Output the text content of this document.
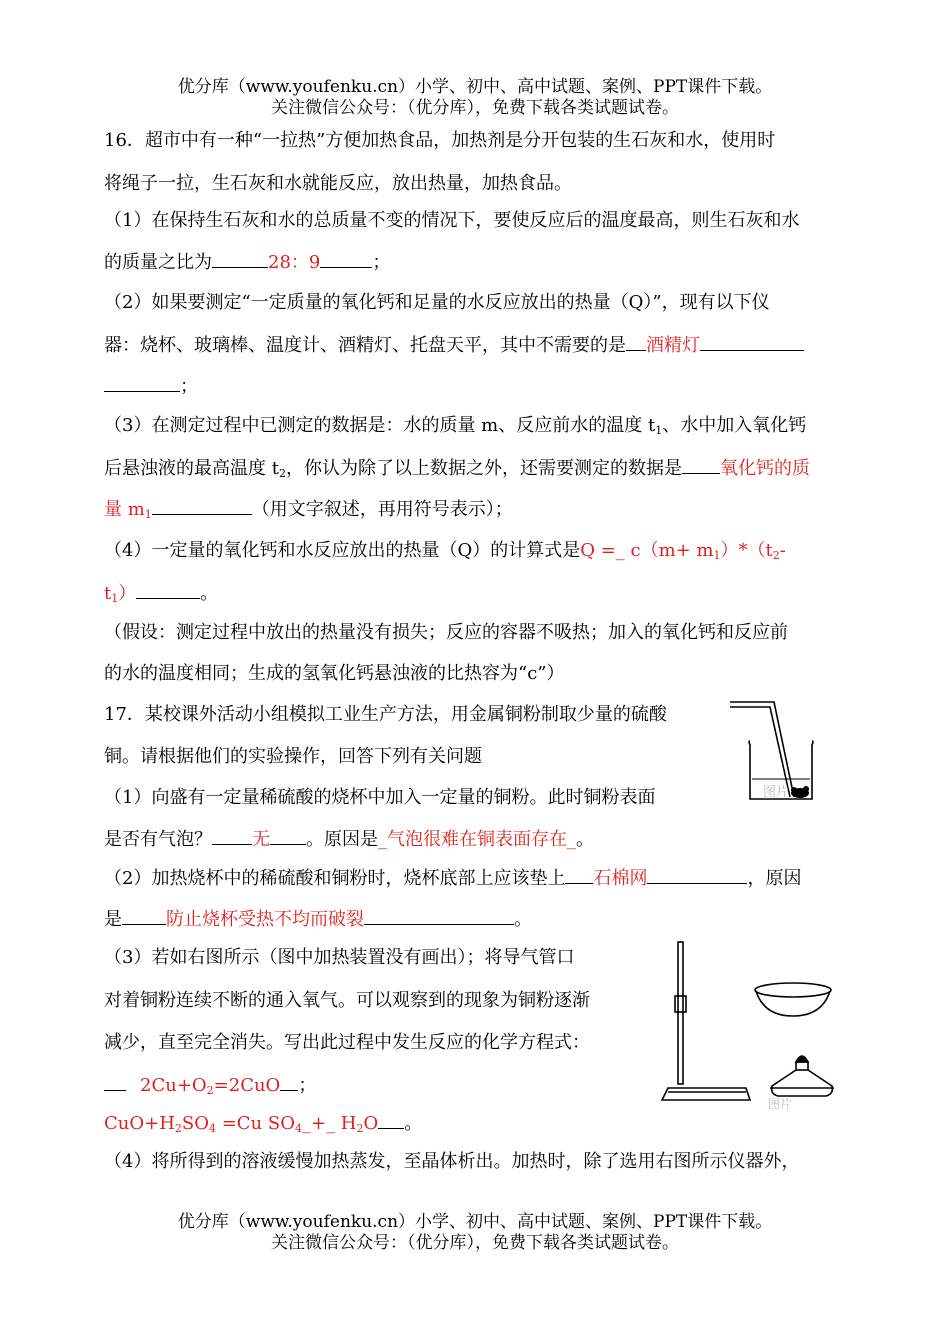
优分库（www.youfenku.cn）小学、初中、高中试题、案例、PPT课件下载。
关注微信公众号：（优分库），免费下载各类试题试卷。
16．超市中有一种“一拉热”方便加热食品，加热剂是分开包装的生石灰和水，使用时
将绳子一拉，生石灰和水就能反应，放出热量，加热食品。
（1）在保持生石灰和水的总质量不变的情况下，要使反应后的温度最高，则生石灰和水
的质量之比为	28：9	；
（2）如果要测定“一定质量的氧化钙和足量的水反应放出的热量（Q）”，现有以下仪
器：烧杯、玻璃棒、温度计、酒精灯、托盘天平，其中不需要的是 酒精灯
；
（3）在测定过程中已测定的数据是：水的质量 m、反应前水的温度 $t_1$、水中加入氧化钙
后悬浊液的最高温度 $t_2$，你认为除了以上数据之外，还需要测定的数据是 氧化钙的质
量 $m_1$	（用文字叙述，再用符号表示）；
（4）一定量的氧化钙和水反应放出的热量（Q）的计算式是Q =_ $c(m+ m_1)*(t_2-$
$t_1$）	。
（假设：测定过程中放出的热量没有损失；反应的容器不吸热；加入的氧化钙和反应前
的水的温度相同；生成的氢氧化钙悬浊液的比热容为“c”）
17．某校课外活动小组模拟工业生产方法，用金属铜粉制取少量的硫酸
铜。请根据他们的实验操作，回答下列有关问题
（1）向盛有一定量稀硫酸的烧杯中加入一定量的铜粉。此时铜粉表面
是否有气泡？ 无 。原因是_气泡很难在铜表面存在_。
（2）加热烧杯中的稀硫酸和铜粉时，烧杯底部上应该垫上 石棉网	，原因
是 防止烧杯受热不均而破裂	。
（3）若如右图所示（图中加热装置没有画出）；将导气管口
对着铜粉连续不断的通入氧气。可以观察到的现象为铜粉逐渐
减少，直至完全消失。写出此过程中发生反应的化学方程式：
$2Cu+O_2=2CuO$ ；
$CuO+H_2SO_4 =Cu$ $SO_4\_+\_$ $H_2O$ 。
（4）将所得到的溶液缓慢加热蒸发，至晶体析出。加热时，除了选用右图所示仪器外，
图片
图片
优分库（www.youfenku.cn）小学、初中、高中试题、案例、PPT课件下载。
关注微信公众号：（优分库），免费下载各类试题试卷。
